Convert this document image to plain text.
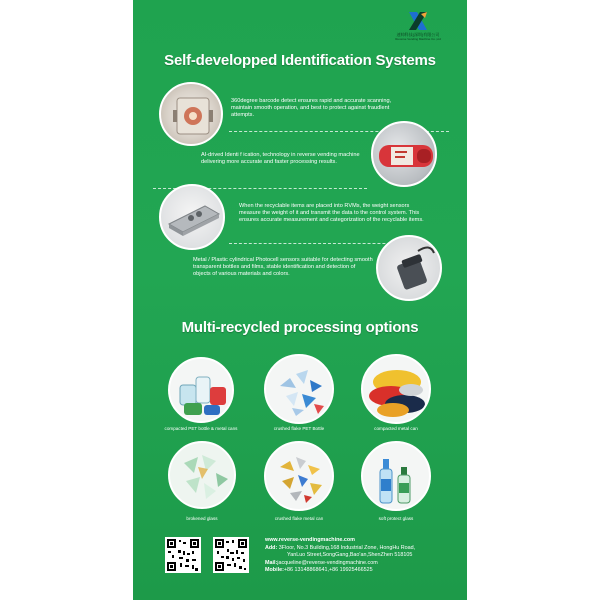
速帅科技(深圳)有限公司
Reverse Vending Machine Co.,Ltd
Self-developped Identification Systems
360degree barcode detect ensures rapid and accurate scanning, maintain smooth operation, and best to protect against fraudlent attempts.
AI-drived Identi f ication, technology in reverse vending machine delivering more accurate and faster processing results.
When the recyclable items are placed into RVMs, the weight sensors measure the weight of it and transmit the data to the control system. This ensures accurate measurement and categorization of the recyclable items.
Metal / Plastic cylindrical Photocell sensors suitable for detecting smooth transparent bottles and films, stable identification and detection of objects of various materials and colors.
Multi-recycled processing options
compacted PET bottle & metal cans	crushed flake PET Bottle	compacted metal can
brokened glass	crushed flake metal can	soft protect glass
www.reverse-vendingmachine.com
Add: 3Floor, No.3 Building,168 Industrial Zone, HongHu Road,
YanLuo Street,SongGang,Bao'an,ShenZhen 518105
Mail:jacqueline@reverse-vendingmachine.com
Mobile:+86 13148868641,+86 19925466525
